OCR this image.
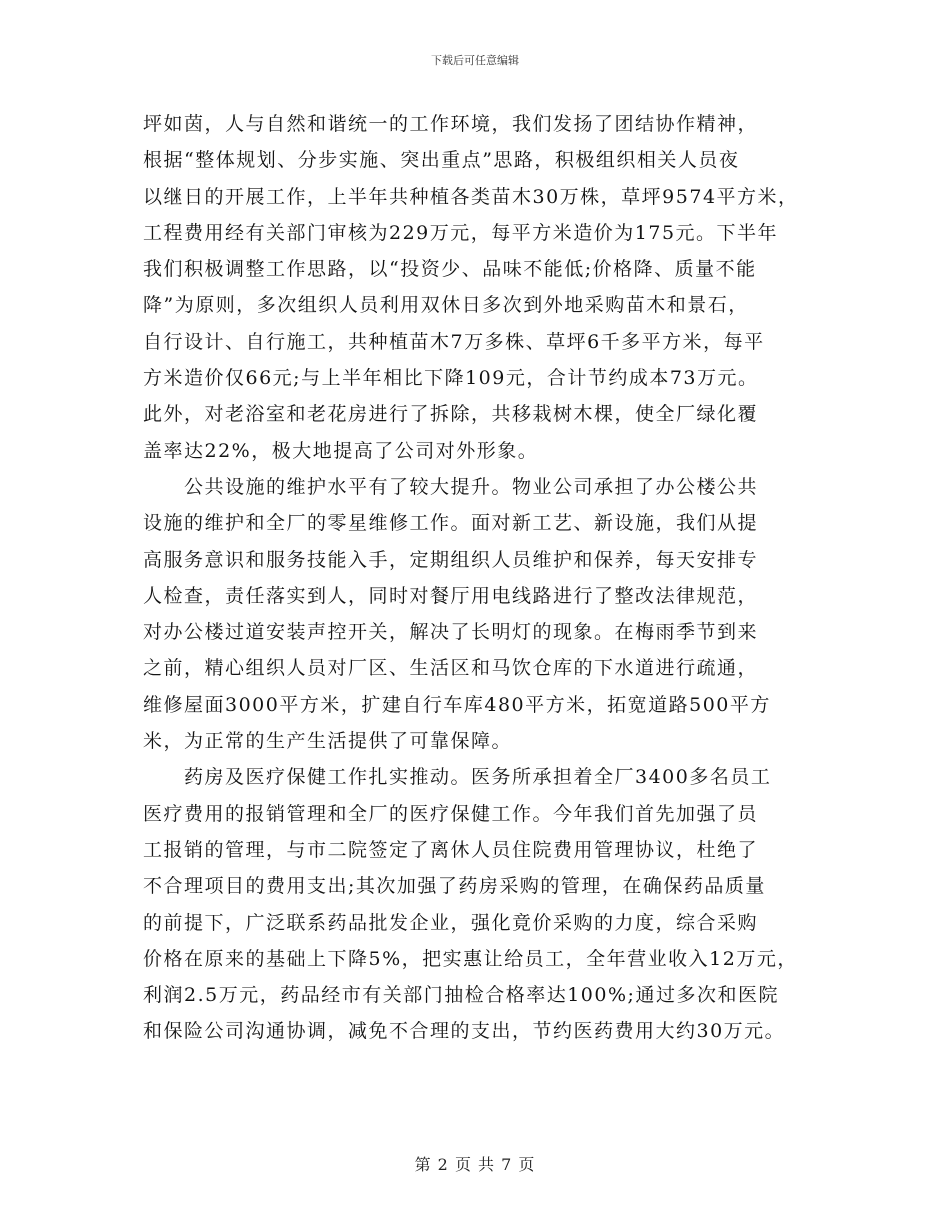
下载后可任意编辑
坪如茵，人与自然和谐统一的工作环境，我们发扬了团结协作精神，
根据“整体规划、分步实施、突出重点”思路，积极组织相关人员夜
以继日的开展工作，上半年共种植各类苗木30万株，草坪9574平方米，
工程费用经有关部门审核为229万元，每平方米造价为175元。下半年
我们积极调整工作思路，以“投资少、品味不能低;价格降、质量不能
降”为原则，多次组织人员利用双休日多次到外地采购苗木和景石，
自行设计、自行施工，共种植苗木7万多株、草坪6千多平方米，每平
方米造价仅66元;与上半年相比下降109元，合计节约成本73万元。
此外，对老浴室和老花房进行了拆除，共移栽树木棵，使全厂绿化覆
盖率达22%，极大地提高了公司对外形象。
　　公共设施的维护水平有了较大提升。物业公司承担了办公楼公共
设施的维护和全厂的零星维修工作。面对新工艺、新设施，我们从提
高服务意识和服务技能入手，定期组织人员维护和保养，每天安排专
人检查，责任落实到人，同时对餐厅用电线路进行了整改法律规范，
对办公楼过道安装声控开关，解决了长明灯的现象。在梅雨季节到来
之前，精心组织人员对厂区、生活区和马饮仓库的下水道进行疏通，
维修屋面3000平方米，扩建自行车库480平方米，拓宽道路500平方
米，为正常的生产生活提供了可靠保障。
　　药房及医疗保健工作扎实推动。医务所承担着全厂3400多名员工
医疗费用的报销管理和全厂的医疗保健工作。今年我们首先加强了员
工报销的管理，与市二院签定了离休人员住院费用管理协议，杜绝了
不合理项目的费用支出;其次加强了药房采购的管理，在确保药品质量
的前提下，广泛联系药品批发企业，强化竟价采购的力度，综合采购
价格在原来的基础上下降5%，把实惠让给员工，全年营业收入12万元，
利润2.5万元，药品经市有关部门抽检合格率达100%;通过多次和医院
和保险公司沟通协调，减免不合理的支出，节约医药费用大约30万元。
第 2 页 共 7 页
